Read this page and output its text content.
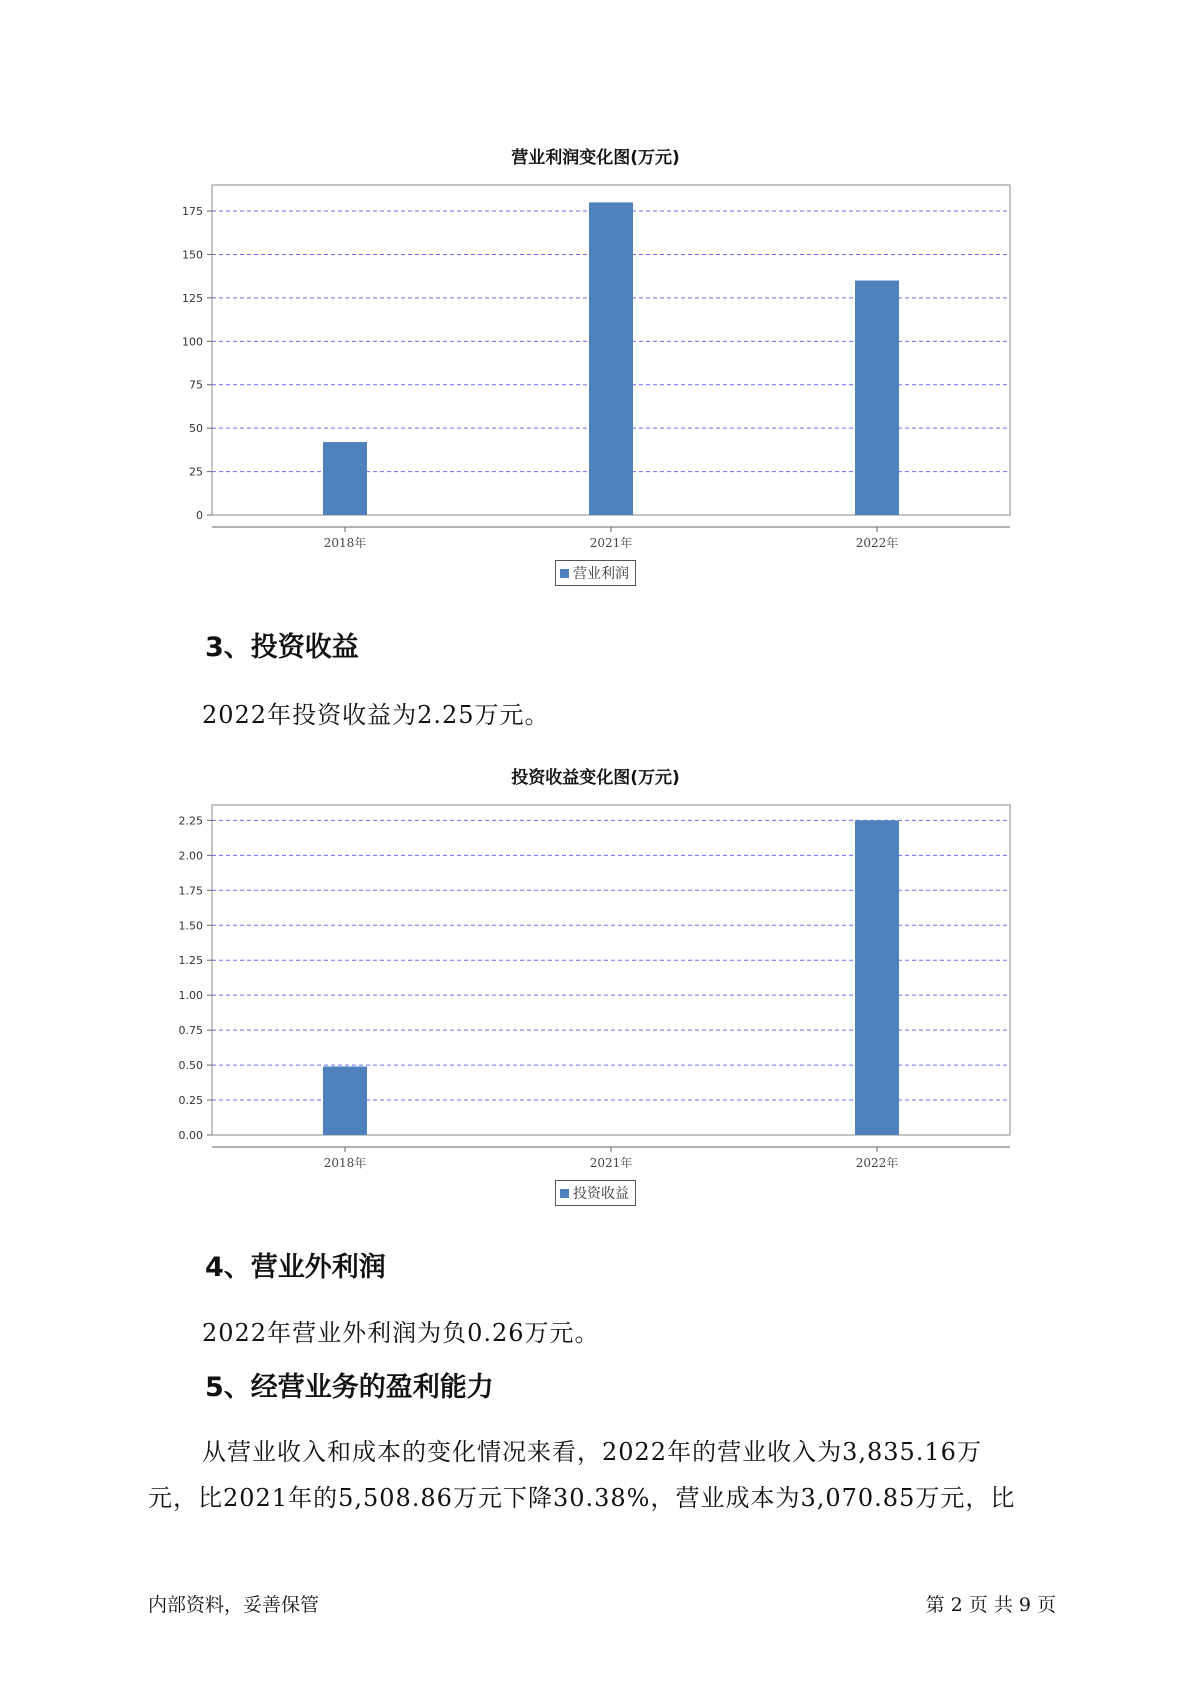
营业利润变化图(万元)
0
25
50
75
100
125
150
175
2018年	2021年	2022年
营业利润
3、投资收益
2022年投资收益为2.25万元。
投资收益变化图(万元)
0.00
0.25
0.50
0.75
1.00
1.25
1.50
1.75
2.00
2.25
2018年	2021年	2022年
投资收益
4、营业外利润
2022年营业外利润为负0.26万元。
5、经营业务的盈利能力
从营业收入和成本的变化情况来看，2022年的营业收入为3,835.16万
元，比2021年的5,508.86万元下降30.38%，营业成本为3,070.85万元，比
内部资料，妥善保管	第 2 页 共 9 页
